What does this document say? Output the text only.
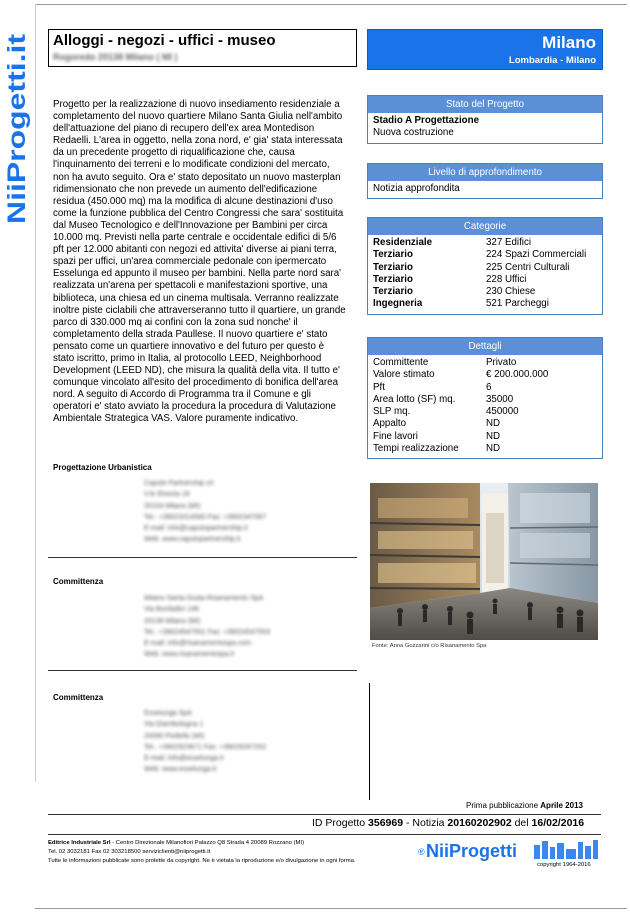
NiiProgetti.it
Alloggi - negozi - uffici - museo
Rogoredo 20138 Milano ( MI )
Milano
Lombardia - Milano
Progetto per la realizzazione di nuovo insediamento residenziale a
completamento del nuovo quartiere Milano Santa Giulia nell'ambito
dell'attuazione del piano di recupero dell'ex area Montedison
Redaelli. L'area in oggetto, nella zona nord, e' gia' stata interessata
da un precedente progetto di riqualificazione che, causa
l'inquinamento dei terreni e lo modificate condizioni del mercato,
non ha avuto seguito. Ora e' stato depositato un nuovo masterplan
ridimensionato che non prevede un aumento dell'edificazione
residua (450.000 mq) ma la modifica di alcune destinazioni d'uso
come la funzione pubblica del Centro Congressi che sara' sostituita
dal Museo Tecnologico e dell'Innovazione per Bambini per circa
10.000 mq. Previsti nella parte centrale e occidentale edifici di 5/6
pft per 12.000 abitanti con negozi ed attivita' diverse ai piani terra,
spazi per uffici, un'area commerciale pedonale con ipermercato
Esselunga ed appunto il museo per bambini. Nella parte nord sara'
realizzata un'arena per spettacoli e manifestazioni sportive, una
biblioteca, una chiesa ed un cinema multisala. Verranno realizzate
inoltre piste ciclabili che attraverseranno tutto il quartiere, un grande
parco di 330.000 mq ai confini con la zona sud nonche' il
completamento della strada Paullese. Il nuovo quartiere e' stato
pensato come un quartiere innovativo e del futuro per questo è
stato iscritto, primo in Italia, al protocollo LEED, Neighborhood
Development (LEED ND), che misura la qualità della vita. Il tutto e'
comunque vincolato all'esito del procedimento di bonifica dell'area
nord. A seguito di Accordo di Programma tra il Comune e gli
operatori e' stato avviato la procedura la procedura di Valutazione
Ambientale Strategica VAS. Valore puramente indicativo.
Stato del Progetto
Stadio A Progettazione
Nuova costruzione
Livello di approfondimento
Notizia approfondita
Categorie
Residenziale	327 Edifici
Terziario	224 Spazi Commerciali
Terziario	225 Centri Culturali
Terziario	228 Uffici
Terziario	230 Chiese
Ingegneria	521 Parcheggi
Dettagli
Committente	Privato
Valore stimato	€ 200.000.000
Pft	6
Area lotto (SF) mq.	35000
SLP mq.	450000
Appalto	ND
Fine lavori	ND
Tempi realizzazione	ND
Fonte: Anna Gozzarini c/o Risanamento Spa
Progettazione Urbanistica
Caputo Partnership srl
V.le Elvezia 18
20154 Milano (MI)
Tel.: +39023314560 Fax: +3902347067
E-mail: info@caputopartnership.it
Web: www.caputopartnership.it
Committenza
Milano Santa Giulia-Risanamento SpA
Via Bonfadini 148
20138 Milano (MI)
Tel.: +39024547551 Fax: +39024547553
E-mail: info@risanamentospa.com
Web: www.risanamentospa.it
Committenza
Esselunga SpA
Via Giambologna 1
20090 Pioltello (MI)
Tel.: +3902923671 Fax: +39029267202
E-mail: info@esselunga.it
Web: www.esselunga.it
Prima pubblicazione Aprile 2013
ID Progetto 356969 - Notizia 20160202902 del 16/02/2016
Editrice Industriale Srl - Centro Direzionale Milanofiori Palazzo Q8 Strada 4 20089 Rozzano (MI)
Tel. 02 3032181 Fax 02 303218500 serviziclienti@niiprogetti.it
Tutte le informazioni pubblicate sono protette da copyright. Ne è vietata la riproduzione e/o divulgazione in ogni forma.
® NiiProgetti
copyright 1964-2016
